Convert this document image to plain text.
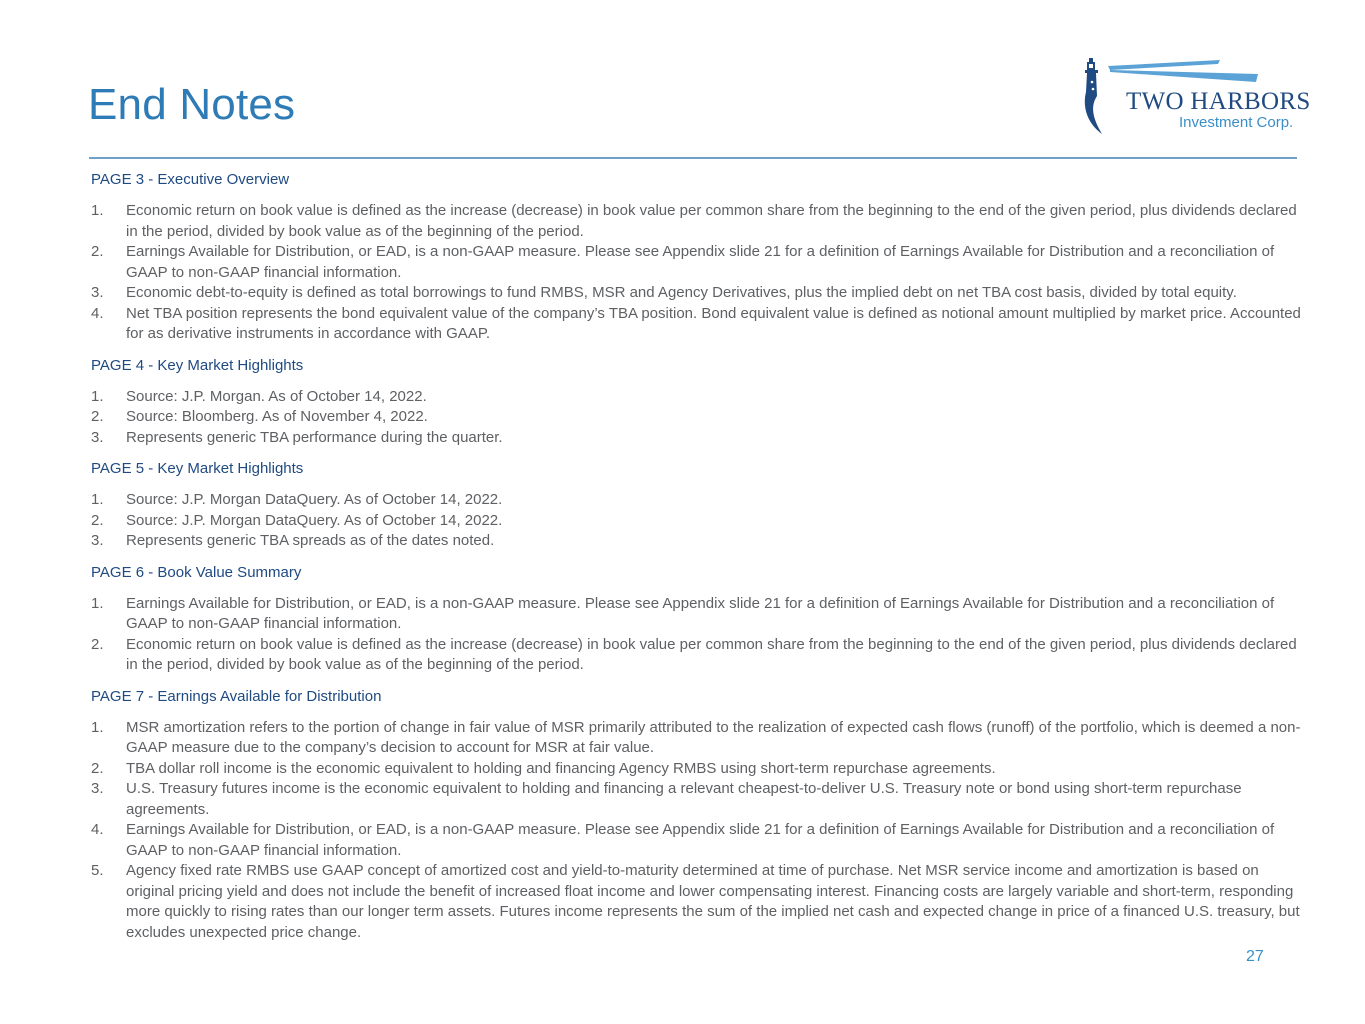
End Notes	TWO HARBORS
Investment Corp.
PAGE 3 - Executive Overview
1. Economic return on book value is defined as the increase (decrease) in book value per common share from the beginning to the end of the given period, plus dividends declared in the period, divided by book value as of the beginning of the period.
2. Earnings Available for Distribution, or EAD, is a non-GAAP measure. Please see Appendix slide 21 for a definition of Earnings Available for Distribution and a reconciliation of GAAP to non-GAAP financial information.
3. Economic debt-to-equity is defined as total borrowings to fund RMBS, MSR and Agency Derivatives, plus the implied debt on net TBA cost basis, divided by total equity.
4. Net TBA position represents the bond equivalent value of the company’s TBA position. Bond equivalent value is defined as notional amount multiplied by market price. Accounted for as derivative instruments in accordance with GAAP.
PAGE 4 - Key Market Highlights
1. Source: J.P. Morgan. As of October 14, 2022.
2. Source: Bloomberg. As of November 4, 2022.
3. Represents generic TBA performance during the quarter.
PAGE 5 - Key Market Highlights
1. Source: J.P. Morgan DataQuery. As of October 14, 2022.
2. Source: J.P. Morgan DataQuery. As of October 14, 2022.
3. Represents generic TBA spreads as of the dates noted.
PAGE 6 - Book Value Summary
1. Earnings Available for Distribution, or EAD, is a non-GAAP measure. Please see Appendix slide 21 for a definition of Earnings Available for Distribution and a reconciliation of GAAP to non-GAAP financial information.
2. Economic return on book value is defined as the increase (decrease) in book value per common share from the beginning to the end of the given period, plus dividends declared in the period, divided by book value as of the beginning of the period.
PAGE 7 - Earnings Available for Distribution
1. MSR amortization refers to the portion of change in fair value of MSR primarily attributed to the realization of expected cash flows (runoff) of the portfolio, which is deemed a non-GAAP measure due to the company’s decision to account for MSR at fair value.
2. TBA dollar roll income is the economic equivalent to holding and financing Agency RMBS using short-term repurchase agreements.
3. U.S. Treasury futures income is the economic equivalent to holding and financing a relevant cheapest-to-deliver U.S. Treasury note or bond using short-term repurchase agreements.
4. Earnings Available for Distribution, or EAD, is a non-GAAP measure. Please see Appendix slide 21 for a definition of Earnings Available for Distribution and a reconciliation of GAAP to non-GAAP financial information.
5. Agency fixed rate RMBS use GAAP concept of amortized cost and yield-to-maturity determined at time of purchase. Net MSR service income and amortization is based on original pricing yield and does not include the benefit of increased float income and lower compensating interest. Financing costs are largely variable and short-term, responding more quickly to rising rates than our longer term assets. Futures income represents the sum of the implied net cash and expected change in price of a financed U.S. treasury, but excludes unexpected price change.
27
